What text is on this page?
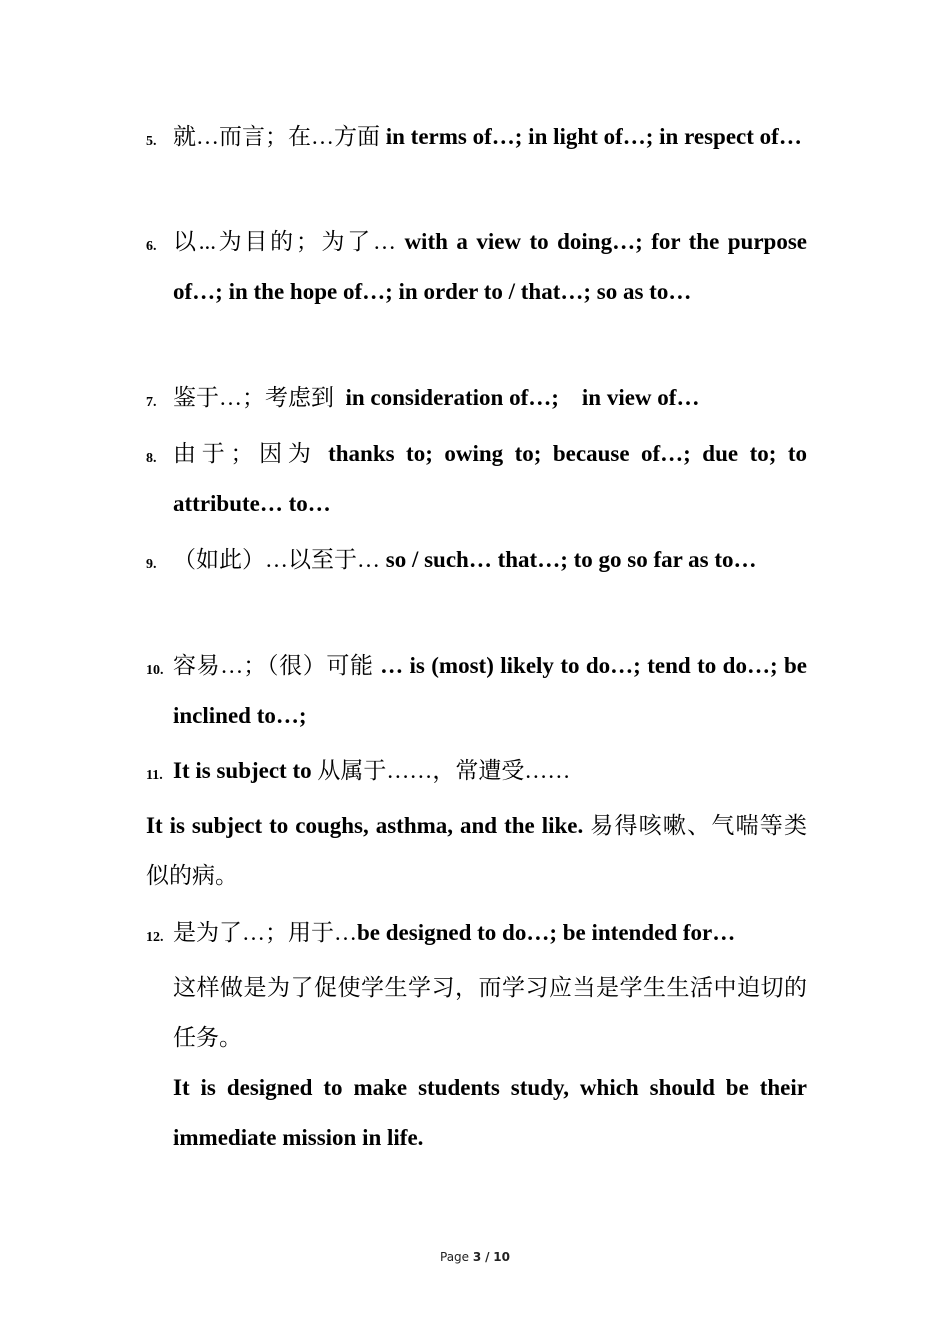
5. 就…而言；在…方面 in terms of…; in light of…; in respect of…
6. 以...为目的；为了… with a view to doing…; for the purpose of…; in the hope of…; in order to / that…; so as to…
7. 鉴于…；考虑到 in consideration of…;    in view of…
8. 由于；因为 thanks to; owing to; because of…; due to; to attribute… to…
9. （如此）…以至于… so / such… that…; to go so far as to…
10. 容易…；（很）可能 … is (most) likely to do…; tend to do…; be inclined to…;
11. It is subject to 从属于……，常遭受……
It is subject to coughs, asthma, and the like. 易得咳嗽、气喘等类似的病。
12. 是为了…；用于…be designed to do…; be intended for…
这样做是为了促使学生学习，而学习应当是学生生活中迫切的任务。
It is designed to make students study, which should be their immediate mission in life.
Page 3 / 10
